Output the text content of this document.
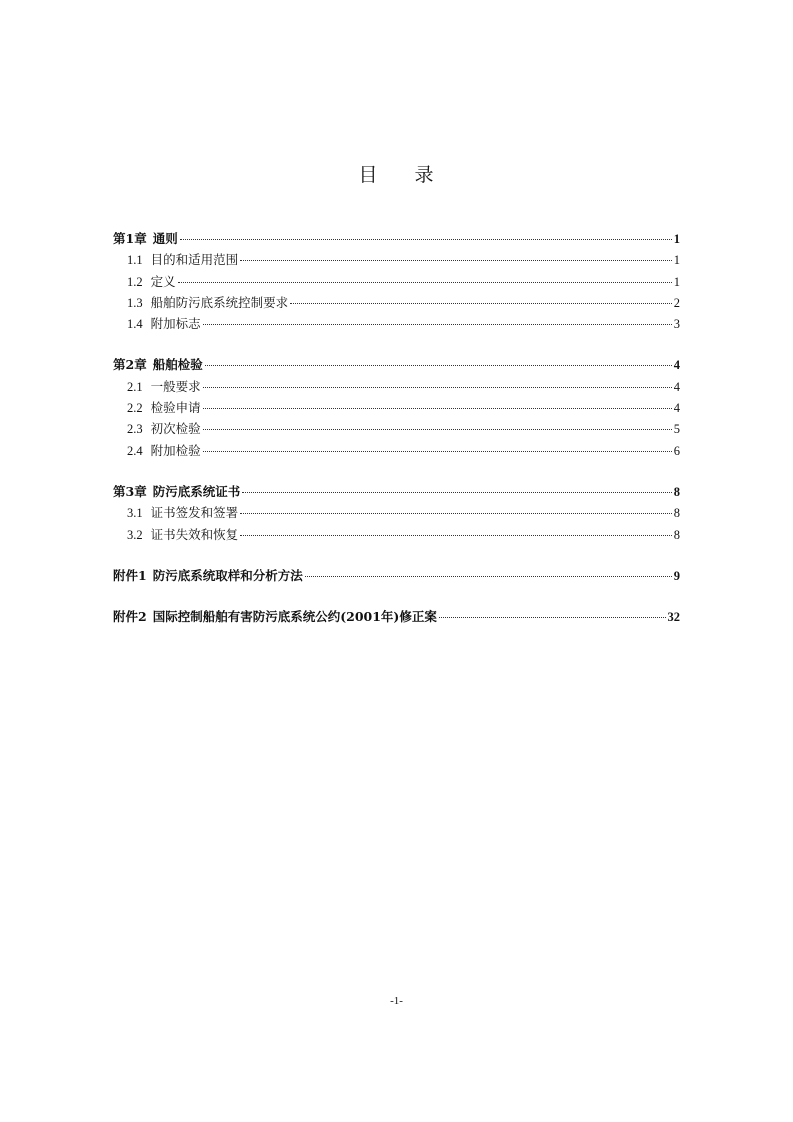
目 录
第1章 通则	1
1.1 目的和适用范围	1
1.2 定义	1
1.3 船舶防污底系统控制要求	2
1.4 附加标志	3
第2章 船舶检验	4
2.1 一般要求	4
2.2 检验申请	4
2.3 初次检验	5
2.4 附加检验	6
第3章 防污底系统证书	8
3.1 证书签发和签署	8
3.2 证书失效和恢复	8
附件1 防污底系统取样和分析方法	9
附件2 国际控制船舶有害防污底系统公约(2001年)修正案	32
-1-
